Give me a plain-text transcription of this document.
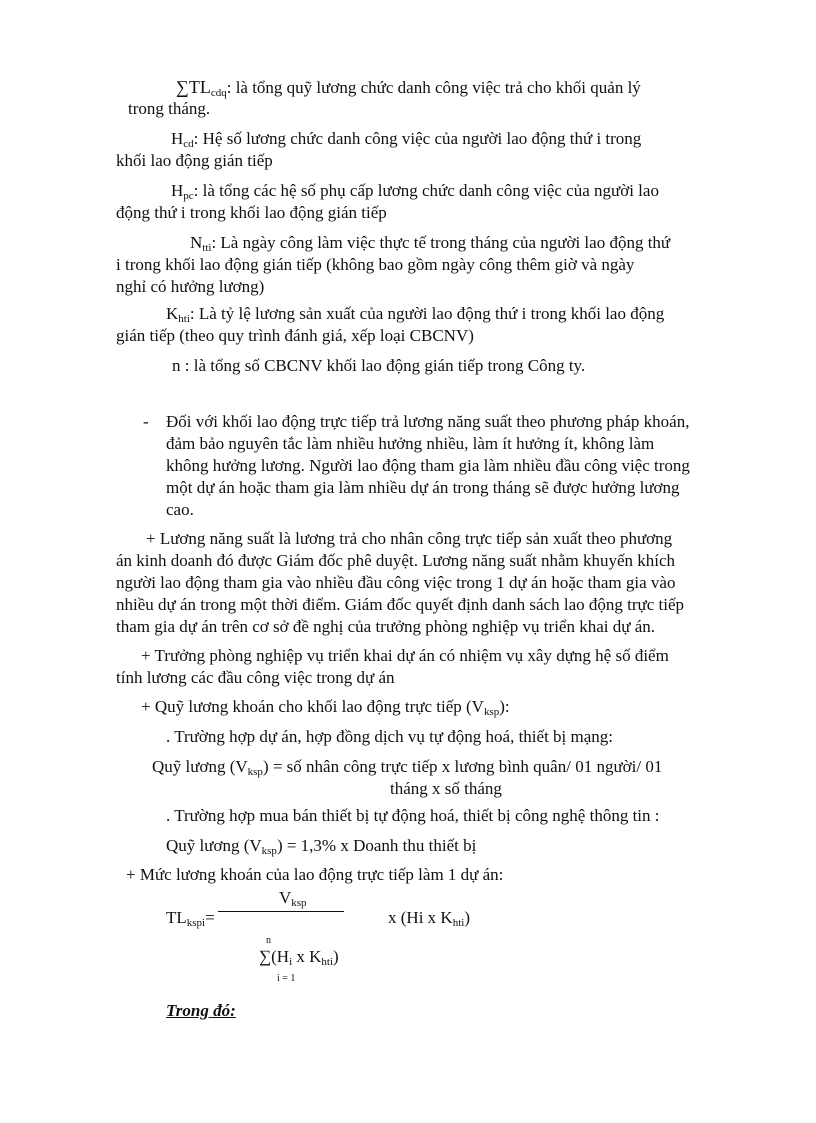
$\sum TL_{cdq}$: là tổng quỹ lương chức danh công việc trả cho khối quản lý

trong tháng.

$H_{cd}$: Hệ số lương chức danh công việc của người lao động thứ i trong

khối lao động gián tiếp

$H_{pc}$: là tổng các hệ số phụ cấp lương chức danh công việc của người lao

động thứ i trong khối lao động gián tiếp

$N_{tti}$: Là ngày công làm việc thực tế trong tháng của người lao động thứ

i trong khối lao động gián tiếp (không bao gồm ngày công thêm giờ và ngày

nghỉ có hưởng lương)

$K_{hti}$: Là tỷ lệ lương sản xuất của người lao động thứ i trong khối lao động

gián tiếp (theo quy trình đánh giá, xếp loại CBCNV)

n : là tổng số CBCNV khối lao động gián tiếp trong Công ty.

- Đối với khối lao động trực tiếp trả lương năng suất theo phương pháp khoán,

đảm bảo nguyên tắc làm nhiều hưởng nhiều, làm ít hưởng ít, không làm

không hưởng lương. Người lao động tham gia làm nhiều đầu công việc trong

một dự án hoặc tham gia làm nhiều dự án trong tháng sẽ được hưởng lương

cao.

+ Lương năng suất là lương trả cho nhân công trực tiếp sản xuất theo phương

án kinh doanh đó được Giám đốc phê duyệt. Lương năng suất nhằm khuyến khích

người lao động tham gia vào nhiều đầu công việc trong 1 dự án hoặc tham gia vào

nhiều dự án trong một thời điểm. Giám đốc quyết định danh sách lao động trực tiếp

tham gia dự án trên cơ sở đề nghị của trưởng phòng nghiệp vụ triển khai dự án.

+ Trưởng phòng nghiệp vụ triển khai dự án có nhiệm vụ xây dựng hệ số điểm

tính lương các đầu công việc trong dự án

+ Quỹ lương khoán cho khối lao động trực tiếp $(V_{ksp})$:

. Trường hợp dự án, hợp đồng dịch vụ tự động hoá, thiết bị mạng:

Quỹ lương $(V_{ksp})$ = số nhân công trực tiếp x lương bình quân/ 01 người/ 01

tháng x số tháng

. Trường hợp mua bán thiết bị tự động hoá, thiết bị công nghệ thông tin :

Quỹ lương $(V_{ksp}) = 1,3\%$ x Doanh thu thiết bị

+ Mức lương khoán của lao động trực tiếp làm 1 dự án:

$V_{ksp}$

$TL_{kspi}=$	x (Hi x $K_{hti}$)

n

$\sum(H_i$ x $K_{hti}$)

i = 1

Trong đó:
